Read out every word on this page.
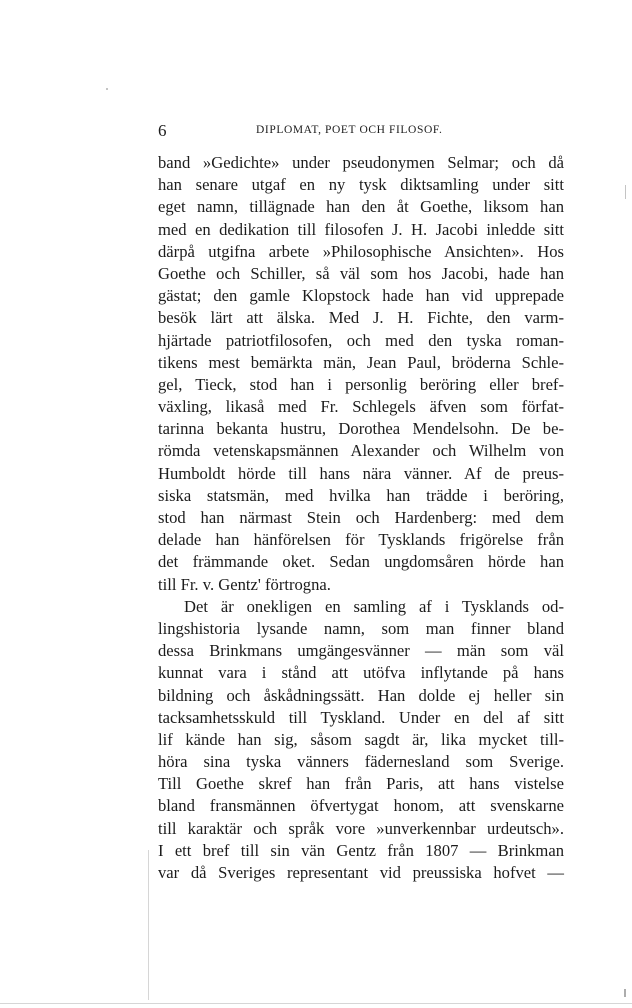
6	DIPLOMAT, POET OCH FILOSOF.
band »Gedichte» under pseudonymen Selmar; och då
han senare utgaf en ny tysk diktsamling under sitt
eget namn, tillägnade han den åt Goethe, liksom han
med en dedikation till filosofen J. H. Jacobi inledde sitt
därpå utgifna arbete »Philosophische Ansichten». Hos
Goethe och Schiller, så väl som hos Jacobi, hade han
gästat; den gamle Klopstock hade han vid upprepade
besök lärt att älska. Med J. H. Fichte, den varm-
hjärtade patriotfilosofen, och med den tyska roman-
tikens mest bemärkta män, Jean Paul, bröderna Schle-
gel, Tieck, stod han i personlig beröring eller bref-
växling, likaså med Fr. Schlegels äfven som förfat-
tarinna bekanta hustru, Dorothea Mendelsohn. De be-
römda vetenskapsmännen Alexander och Wilhelm von
Humboldt hörde till hans nära vänner. Af de preus-
siska statsmän, med hvilka han trädde i beröring,
stod han närmast Stein och Hardenberg: med dem
delade han hänförelsen för Tysklands frigörelse från
det främmande oket. Sedan ungdomsåren hörde han
till Fr. v. Gentz' förtrogna.
Det är onekligen en samling af i Tysklands od-
lingshistoria lysande namn, som man finner bland
dessa Brinkmans umgängesvänner — män som väl
kunnat vara i stånd att utöfva inflytande på hans
bildning och åskådningssätt. Han dolde ej heller sin
tacksamhetsskuld till Tyskland. Under en del af sitt
lif kände han sig, såsom sagdt är, lika mycket till-
höra sina tyska vänners fädernesland som Sverige.
Till Goethe skref han från Paris, att hans vistelse
bland fransmännen öfvertygat honom, att svenskarne
till karaktär och språk vore »unverkennbar urdeutsch».
I ett bref till sin vän Gentz från 1807 — Brinkman
var då Sveriges representant vid preussiska hofvet —
